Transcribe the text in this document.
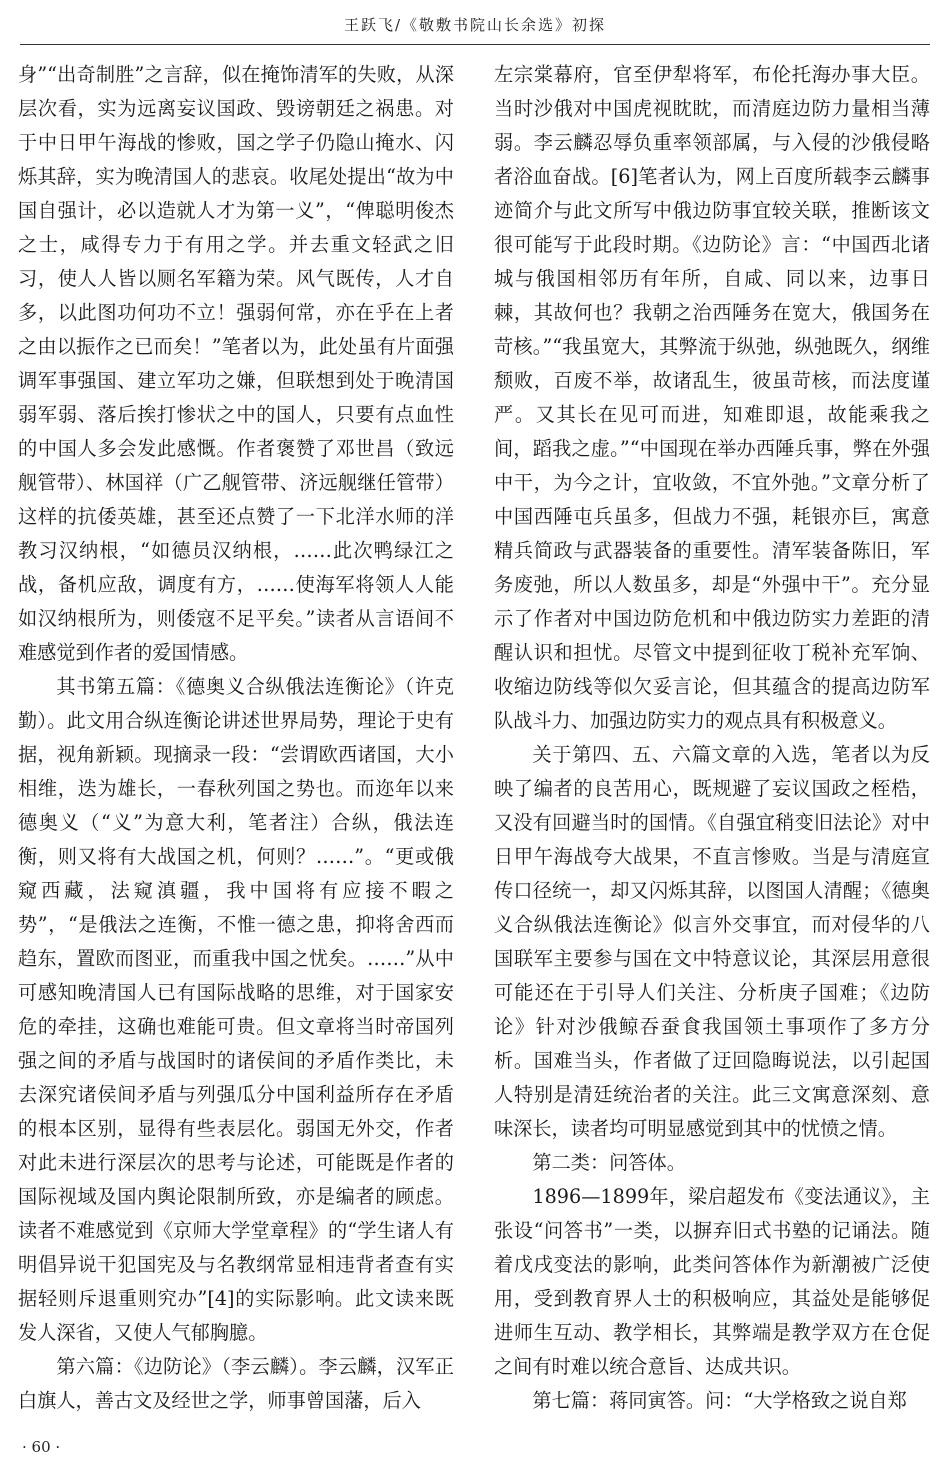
王跃飞/《敬敷书院山长余选》初探

身”“出奇制胜”之言辞，似在掩饰清军的失败，从深层次看，实为远离妄议国政、毁谤朝廷之祸患。对于中日甲午海战的惨败，国之学子仍隐山掩水、闪烁其辞，实为晚清国人的悲哀。收尾处提出“故为中国自强计，必以造就人才为第一义”，“俾聪明俊杰之士，咸得专力于有用之学。并去重文轻武之旧习，使人人皆以厕名军籍为荣。风气既传，人才自多，以此图功何功不立！强弱何常，亦在乎在上者之由以振作之已而矣！”笔者以为，此处虽有片面强调军事强国、建立军功之嫌，但联想到处于晚清国弱军弱、落后挨打惨状之中的国人，只要有点血性的中国人多会发此感慨。作者褒赞了邓世昌（致远舰管带）、林国祥（广乙舰管带、济远舰继任管带）这样的抗倭英雄，甚至还点赞了一下北洋水师的洋教习汉纳根，“如德员汉纳根，……此次鸭绿江之战，备机应敌，调度有方，……使海军将领人人能如汉纳根所为，则倭寇不足平矣。”读者从言语间不难感觉到作者的爱国情感。

其书第五篇：《德奥义合纵俄法连衡论》（许克勤）。此文用合纵连衡论讲述世界局势，理论于史有据，视角新颖。现摘录一段：“尝谓欧西诸国，大小相维，迭为雄长，一春秋列国之势也。而迩年以来德奥义（“义”为意大利，笔者注）合纵，俄法连衡，则又将有大战国之机，何则？……”。“更或俄窥西藏，法窥滇疆，我中国将有应接不暇之势”，“是俄法之连衡，不惟一德之患，抑将舍西而趋东，置欧而图亚，而重我中国之忧矣。……”从中可感知晚清国人已有国际战略的思维，对于国家安危的牵挂，这确也难能可贵。但文章将当时帝国列强之间的矛盾与战国时的诸侯间的矛盾作类比，未去深究诸侯间矛盾与列强瓜分中国利益所存在矛盾的根本区别，显得有些表层化。弱国无外交，作者对此未进行深层次的思考与论述，可能既是作者的国际视域及国内舆论限制所致，亦是编者的顾虑。读者不难感觉到《京师大学堂章程》的“学生诸人有明倡异说干犯国宪及与名教纲常显相违背者查有实据轻则斥退重则究办”[4]的实际影响。此文读来既发人深省，又使人气郁胸臆。

第六篇：《边防论》（李云麟）。李云麟，汉军正白旗人，善古文及经世之学，师事曾国藩，后入

左宗棠幕府，官至伊犁将军，布伦托海办事大臣。当时沙俄对中国虎视眈眈，而清庭边防力量相当薄弱。李云麟忍辱负重率领部属，与入侵的沙俄侵略者浴血奋战。[6]笔者认为，网上百度所载李云麟事迹简介与此文所写中俄边防事宜较关联，推断该文很可能写于此段时期。《边防论》言：“中国西北诸城与俄国相邻历有年所，自咸、同以来，边事日棘，其故何也？我朝之治西陲务在宽大，俄国务在苛核。”“我虽宽大，其弊流于纵弛，纵弛既久，纲维颓败，百废不举，故诸乱生，彼虽苛核，而法度谨严。又其长在见可而进，知难即退，故能乘我之间，蹈我之虚。”“中国现在举办西陲兵事，弊在外强中干，为今之计，宜收敛，不宜外弛。”文章分析了中国西陲屯兵虽多，但战力不强，耗银亦巨，寓意精兵简政与武器装备的重要性。清军装备陈旧，军务废弛，所以人数虽多，却是“外强中干”。充分显示了作者对中国边防危机和中俄边防实力差距的清醒认识和担忧。尽管文中提到征收丁税补充军饷、收缩边防线等似欠妥言论，但其蕴含的提高边防军队战斗力、加强边防实力的观点具有积极意义。

关于第四、五、六篇文章的入选，笔者以为反映了编者的良苦用心，既规避了妄议国政之桎梏，又没有回避当时的国情。《自强宜稍变旧法论》对中日甲午海战夸大战果，不直言惨败。当是与清庭宣传口径统一，却又闪烁其辞，以图国人清醒；《德奥义合纵俄法连衡论》似言外交事宜，而对侵华的八国联军主要参与国在文中特意议论，其深层用意很可能还在于引导人们关注、分析庚子国难；《边防论》针对沙俄鲸吞蚕食我国领土事项作了多方分析。国难当头，作者做了迂回隐晦说法，以引起国人特别是清廷统治者的关注。此三文寓意深刻、意味深长，读者均可明显感觉到其中的忧愤之情。

第二类：问答体。

1896—1899年，梁启超发布《变法通议》，主张设“问答书”一类，以摒弃旧式书塾的记诵法。随着戊戌变法的影响，此类问答体作为新潮被广泛使用，受到教育界人士的积极响应，其益处是能够促进师生互动、教学相长，其弊端是教学双方在仓促之间有时难以统合意旨、达成共识。

第七篇：蒋同寅答。问：“大学格致之说自郑

· 60 ·
